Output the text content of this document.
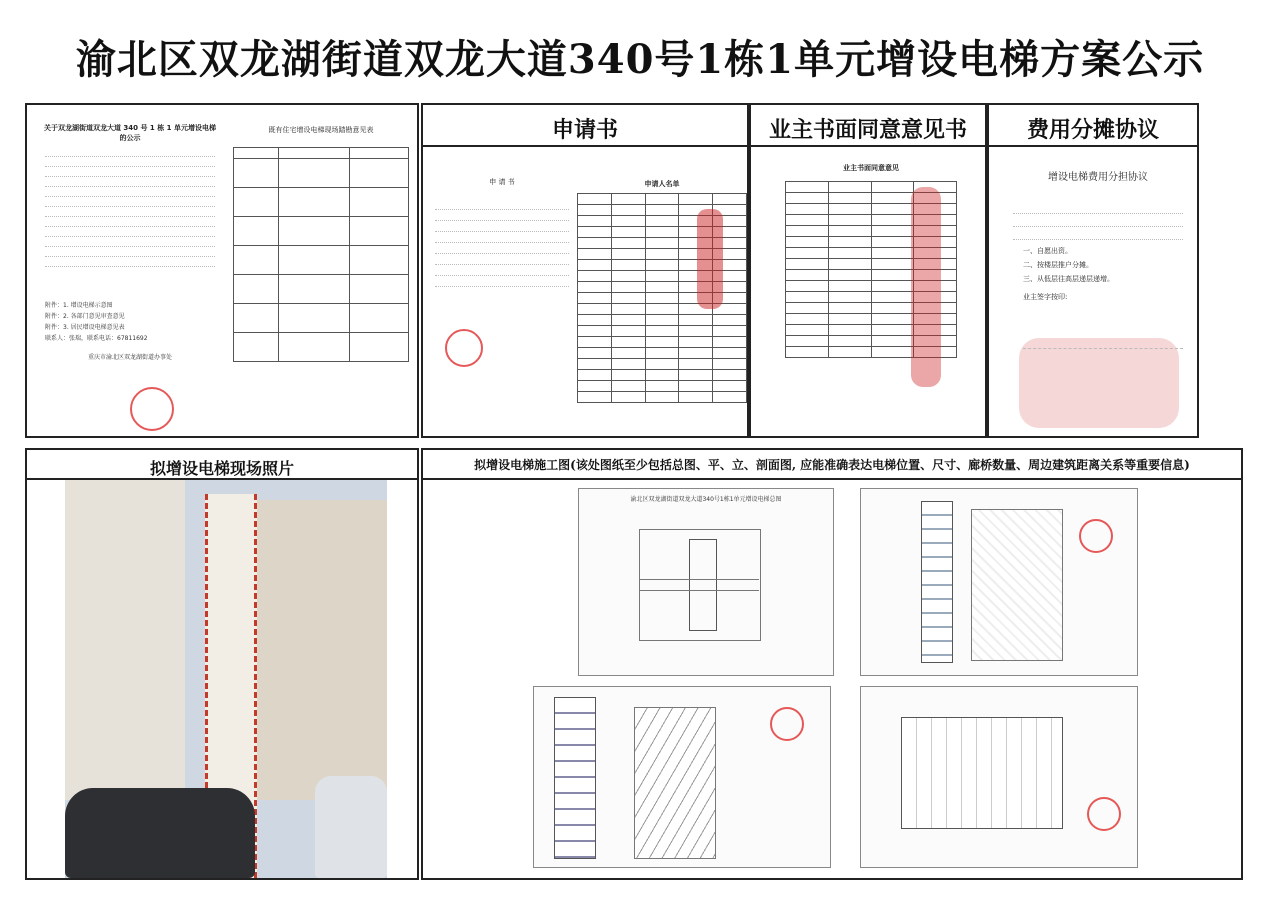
渝北区双龙湖街道双龙大道340号1栋1单元增设电梯方案公示
关于双龙湖街道双龙大道 340 号 1 栋 1 单元增设电梯的公示
附件：1. 增设电梯示意图
附件：2. 各部门意见审查意见
附件：3. 居民增设电梯意见表
联系人：张瑞，联系电话：67811692
重庆市渝北区双龙湖街道办事处
既有住宅增设电梯现场踏勘意见表

			申请书
申 请 书	申请人名单

业主书面同意意见书
业主书面同意意见

费用分摊协议
增设电梯费用分担协议
一、自愿出资。
二、按楼层推户分摊。
三、从低层往高层递层递增。
业主签字按印:
拟增设电梯现场照片	拟增设电梯施工图(该处图纸至少包括总图、平、立、剖面图, 应能准确表达电梯位置、尺寸、廊桥数量、周边建筑距离关系等重要信息)
渝北区双龙湖街道双龙大道340号1栋1单元增设电梯总图
